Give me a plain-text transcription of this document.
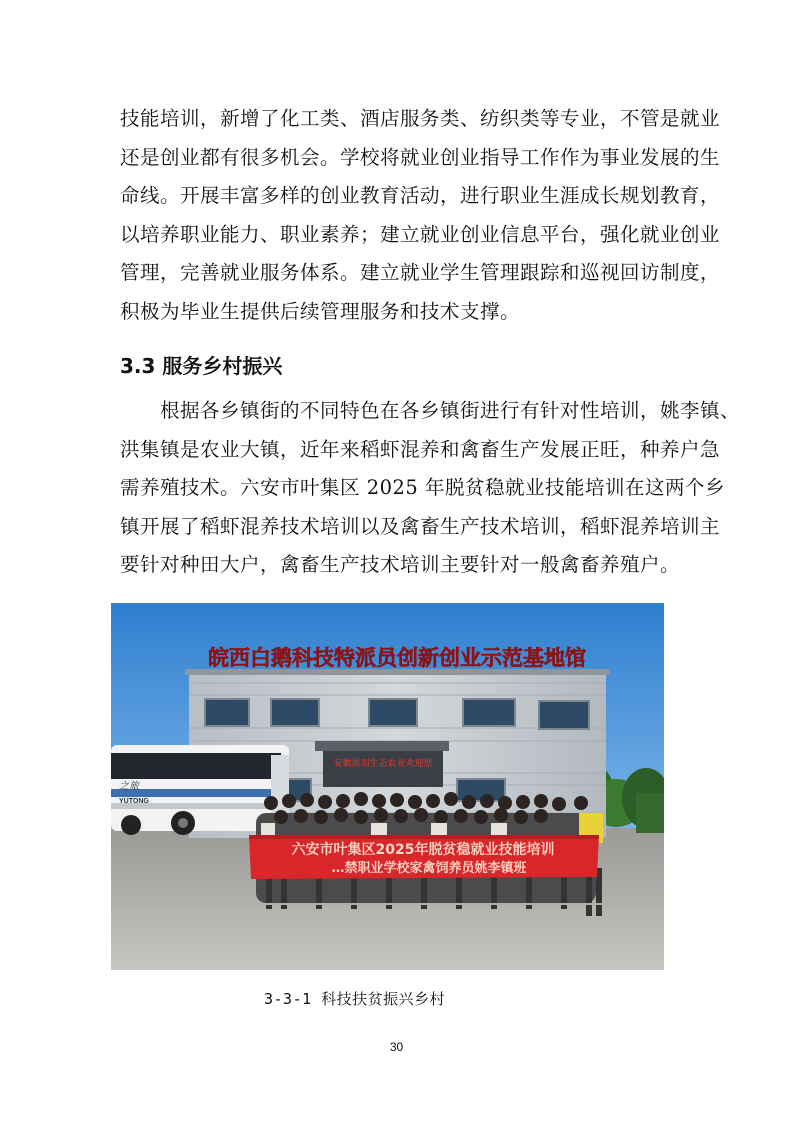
技能培训，新增了化工类、酒店服务类、纺织类等专业，不管是就业
还是创业都有很多机会。学校将就业创业指导工作作为事业发展的生
命线。开展丰富多样的创业教育活动，进行职业生涯成长规划教育，
以培养职业能力、职业素养；建立就业创业信息平台，强化就业创业
管理，完善就业服务体系。建立就业学生管理跟踪和巡视回访制度，
积极为毕业生提供后续管理服务和技术支撑。

3.3 服务乡村振兴

　　根据各乡镇街的不同特色在各乡镇街进行有针对性培训，姚李镇、
洪集镇是农业大镇，近年来稻虾混养和禽畜生产发展正旺，种养户急
需养殖技术。六安市叶集区 2025 年脱贫稳就业技能培训在这两个乡
镇开展了稻虾混养技术培训以及禽畜生产技术培训，稻虾混养培训主
要针对种田大户，禽畜生产技术培训主要针对一般禽畜养殖户。

皖西白鹅科技特派员创新创业示范基地馆
安徽展羽生态农业欢迎您
之旅
YUTONG
六安市叶集区2025年脱贫稳就业技能培训
…禁职业学校家禽饲养员姚李镇班
3-3-1 科技扶贫振兴乡村
30
